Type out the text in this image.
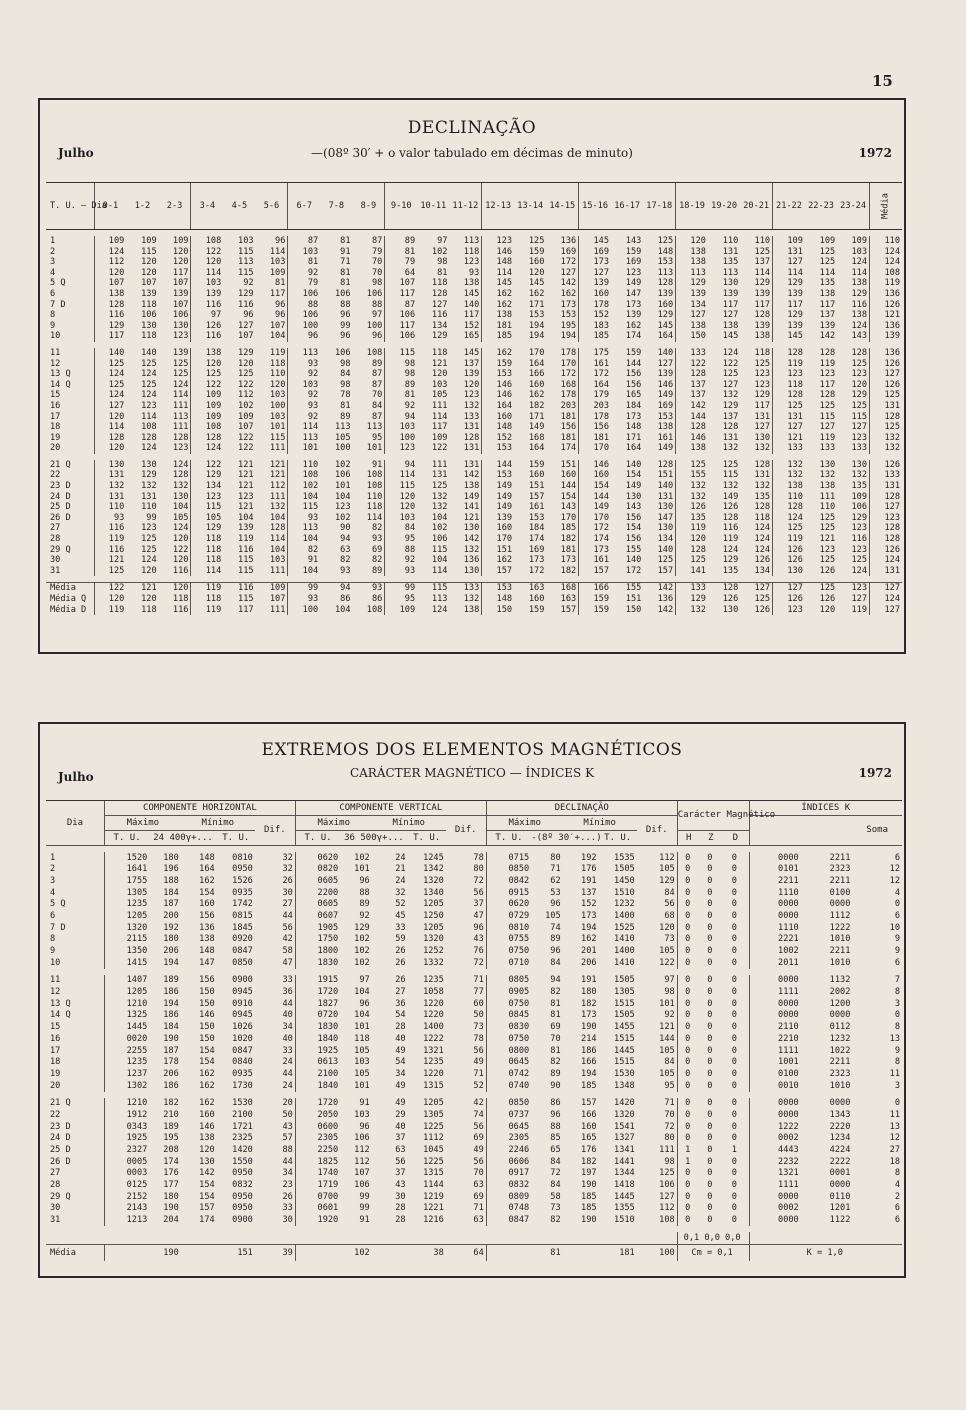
15
DECLINAÇÃO
Julho	—(08º 30′ + o valor tabulado em décimas de minuto)	1972
T. U. — Dia	0-1	1-2	2-3	3-4	4-5	5-6	6-7	7-8	8-9	9-10	10-11	11-12	12-13	13-14	14-15	15-16	16-17	17-18	18-19	19-20	20-21	21-22	22-23	23-24	Média

1	109	109	109	108	103	96	87	81	87	89	97	113	123	125	136	145	143	125	120	110	110	109	109	109	110
2	124	115	120	122	115	114	103	91	79	81	102	118	146	159	169	169	159	148	138	131	125	131	125	103	124
3	112	120	120	120	113	103	81	71	70	79	98	123	148	160	172	173	169	153	138	135	137	127	125	124	124
4	120	120	117	114	115	109	92	81	70	64	81	93	114	120	127	127	123	113	113	113	114	114	114	114	108
5 Q	107	107	107	103	92	81	79	81	98	107	118	138	145	145	142	139	149	128	129	130	129	129	135	138	119
6	138	139	139	139	129	117	106	106	106	117	128	145	162	162	162	160	147	139	139	139	139	139	138	129	136
7 D	128	118	107	116	116	96	88	88	88	87	127	140	162	171	173	178	173	160	134	117	117	117	117	116	126
8	116	106	106	97	96	96	106	96	97	106	116	117	138	153	153	152	139	129	127	127	128	129	137	138	121
9	129	130	130	126	127	107	100	99	100	117	134	152	181	194	195	183	162	145	138	138	139	139	139	124	136
10	117	118	123	116	107	104	96	96	96	106	129	165	185	194	194	185	174	164	150	145	138	145	142	143	139

11	140	140	139	138	129	119	113	106	108	115	118	145	162	170	178	175	159	140	133	124	118	128	128	128	136
12	125	125	125	120	120	118	93	98	89	98	121	137	159	164	170	161	144	127	122	122	125	119	119	125	126
13 Q	124	124	125	125	125	110	92	84	87	98	120	139	153	166	172	172	156	139	128	125	123	123	123	123	127
14 Q	125	125	124	122	122	120	103	98	87	89	103	120	146	160	168	164	156	146	137	127	123	118	117	120	126
15	124	124	114	109	112	103	92	78	70	81	105	123	146	162	178	179	165	149	137	132	129	128	128	129	125
16	127	123	111	109	102	100	93	81	84	92	111	132	164	182	203	203	184	169	142	129	117	125	125	125	131
17	120	114	113	109	109	103	92	89	87	94	114	133	160	171	181	178	173	153	144	137	131	131	115	115	128
18	114	108	111	108	107	101	114	113	113	103	117	131	148	149	156	156	148	138	128	128	127	127	127	127	125
19	128	128	128	128	122	115	113	105	95	100	109	128	152	168	181	181	171	161	146	131	130	121	119	123	132
20	120	124	123	124	122	111	101	100	101	123	122	131	153	164	174	170	164	149	138	132	132	133	133	133	132

21 Q	130	130	124	122	121	121	110	102	91	94	111	131	144	159	151	146	140	128	125	125	128	132	130	130	126
22	131	129	128	129	121	121	108	106	108	114	131	142	153	160	160	160	154	151	155	115	131	132	132	132	133
23 D	132	132	132	134	121	112	102	101	108	115	125	138	149	151	144	154	149	140	132	132	132	138	138	135	131
24 D	131	131	130	123	123	111	104	104	110	120	132	149	149	157	154	144	130	131	132	149	135	110	111	109	128
25 D	110	110	104	115	121	132	115	123	118	120	132	141	149	161	143	149	143	130	126	126	128	128	110	106	127
26 D	93	99	105	105	104	104	93	102	114	103	104	121	139	153	170	170	156	147	135	128	118	124	125	129	123
27	116	123	124	129	139	128	113	90	82	84	102	130	160	184	185	172	154	130	119	116	124	125	125	123	128
28	119	125	120	118	119	114	104	94	93	95	106	142	170	174	182	174	156	134	120	119	124	119	121	116	128
29 Q	116	125	122	118	116	104	82	63	69	88	115	132	151	169	181	173	155	140	128	124	124	126	123	123	126
30	121	124	120	118	115	103	91	82	82	92	104	136	162	173	173	161	140	125	125	129	126	126	125	125	124
31	125	120	116	114	115	111	104	93	89	93	114	130	157	172	182	157	172	157	141	135	134	130	126	124	131

Média	122	121	120	119	116	109	99	94	93	99	115	133	153	163	168	166	155	142	133	128	127	127	125	123	127
Média Q	120	120	118	118	115	107	93	86	86	95	113	132	148	160	163	159	151	136	129	126	125	126	126	127	124
Média D	119	118	116	119	117	111	100	104	108	109	124	138	150	159	157	159	150	142	132	130	126	123	120	119	127
EXTREMOS DOS ELEMENTOS MAGNÉTICOS
Julho	CARÁCTER MAGNÉTICO — ÍNDICES K	1972
Dia	COMPONENTE HORIZONTAL					COMPONENTE VERTICAL					DECLINAÇÃO					Carácter Magnético			ÍNDICES K		
	Máximo		Mínimo		Dif.	Máximo		Mínimo		Dif.	Máximo		Mínimo		Dif.						Soma
	T. U.	24 400γ+...		T. U.		T. U.	36 500γ+...		T. U.		T. U.	-(8º 30′+...)		T. U.		H	Z	D			

1	1520	180	148	0810	32	0620	102	24	1245	78	0715	80	192	1535	112	0	0	0	0000	2211	6
2	1641	196	164	0950	32	0820	101	21	1342	80	0850	71	176	1505	105	0	0	0	0101	2323	12
3	1755	188	162	1526	26	0605	96	24	1320	72	0842	62	191	1450	129	0	0	0	2211	2211	12
4	1305	184	154	0935	30	2200	88	32	1340	56	0915	53	137	1510	84	0	0	0	1110	0100	4
5 Q	1235	187	160	1742	27	0605	89	52	1205	37	0620	96	152	1232	56	0	0	0	0000	0000	0
6	1205	200	156	0815	44	0607	92	45	1250	47	0729	105	173	1400	68	0	0	0	0000	1112	6
7 D	1320	192	136	1845	56	1905	129	33	1205	96	0810	74	194	1525	120	0	0	0	1110	1222	10
8	2115	180	138	0920	42	1750	102	59	1320	43	0755	89	162	1410	73	0	0	0	2221	1010	9
9	1350	206	148	0847	58	1800	102	26	1252	76	0750	96	201	1400	105	0	0	0	1002	2211	9
10	1415	194	147	0850	47	1830	102	26	1332	72	0710	84	206	1410	122	0	0	0	2011	1010	6

11	1407	189	156	0900	33	1915	97	26	1235	71	0805	94	191	1505	97	0	0	0	0000	1132	7
12	1205	186	150	0945	36	1720	104	27	1058	77	0905	82	180	1305	98	0	0	0	1111	2002	8
13 Q	1210	194	150	0910	44	1827	96	36	1220	60	0750	81	182	1515	101	0	0	0	0000	1200	3
14 Q	1325	186	146	0945	40	0720	104	54	1220	50	0845	81	173	1505	92	0	0	0	0000	0000	0
15	1445	184	150	1026	34	1830	101	28	1400	73	0830	69	190	1455	121	0	0	0	2110	0112	8
16	0020	190	150	1020	40	1840	118	40	1222	78	0750	70	214	1515	144	0	0	0	2210	1232	13
17	2255	187	154	0847	33	1925	105	49	1321	56	0800	81	186	1445	105	0	0	0	1111	1022	9
18	1235	178	154	0840	24	0613	103	54	1235	49	0645	82	166	1515	84	0	0	0	1001	2211	8
19	1237	206	162	0935	44	2100	105	34	1220	71	0742	89	194	1530	105	0	0	0	0100	2323	11
20	1302	186	162	1730	24	1840	101	49	1315	52	0740	90	185	1348	95	0	0	0	0010	1010	3

21 Q	1210	182	162	1530	20	1720	91	49	1205	42	0850	86	157	1420	71	0	0	0	0000	0000	0
22	1912	210	160	2100	50	2050	103	29	1305	74	0737	96	166	1320	70	0	0	0	0000	1343	11
23 D	0343	189	146	1721	43	0600	96	40	1225	56	0645	88	160	1541	72	0	0	0	1222	2220	13
24 D	1925	195	138	2325	57	2305	106	37	1112	69	2305	85	165	1327	80	0	0	0	0002	1234	12
25 D	2327	208	120	1420	88	2250	112	63	1045	49	2246	65	176	1341	111	1	0	1	4443	4224	27
26 D	0005	174	130	1550	44	1825	112	56	1225	56	0606	84	182	1441	98	1	0	0	2232	2222	18
27	0003	176	142	0950	34	1740	107	37	1315	70	0917	72	197	1344	125	0	0	0	1321	0001	8
28	0125	177	154	0832	23	1719	106	43	1144	63	0832	84	190	1418	106	0	0	0	1111	0000	4
29 Q	2152	180	154	0950	26	0700	99	30	1219	69	0809	58	185	1445	127	0	0	0	0000	0110	2
30	2143	190	157	0950	33	0601	99	28	1221	71	0748	73	185	1355	112	0	0	0	0002	1201	6
31	1213	204	174	0900	30	1920	91	28	1216	63	0847	82	190	1510	108	0	0	0	0000	1122	6

																0,1 0,0 0,0					
Média	190		151		39	102		38		64	81		181		100	Cm = 0,1			K = 1,0		
